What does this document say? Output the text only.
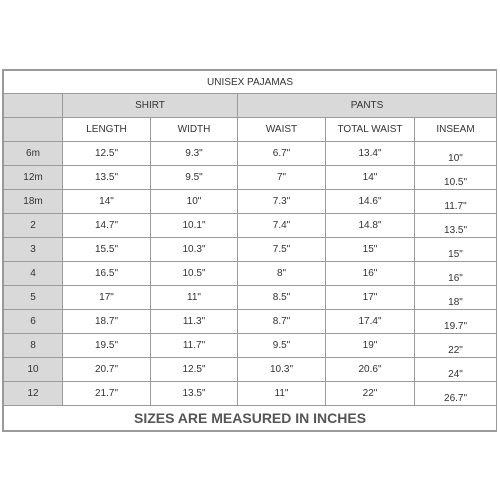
UNISEX PAJAMAS					
	SHIRT		PANTS		
	LENGTH	WIDTH	WAIST	TOTAL WAIST	INSEAM
6m	12.5"	9.3"	6.7"	13.4"	10"
12m	13.5"	9.5"	7"	14"	10.5"
18m	14"	10"	7.3"	14.6"	11.7"
2	14.7"	10.1"	7.4"	14.8"	13.5"
3	15.5"	10.3"	7.5"	15"	15"
4	16.5"	10.5"	8"	16"	16"
5	17"	11"	8.5"	17"	18"
6	18.7"	11.3"	8.7"	17.4"	19.7"
8	19.5"	11.7"	9.5"	19"	22"
10	20.7"	12.5"	10.3"	20.6"	24"
12	21.7"	13.5"	11"	22"	26.7"
SIZES ARE MEASURED IN INCHES					
